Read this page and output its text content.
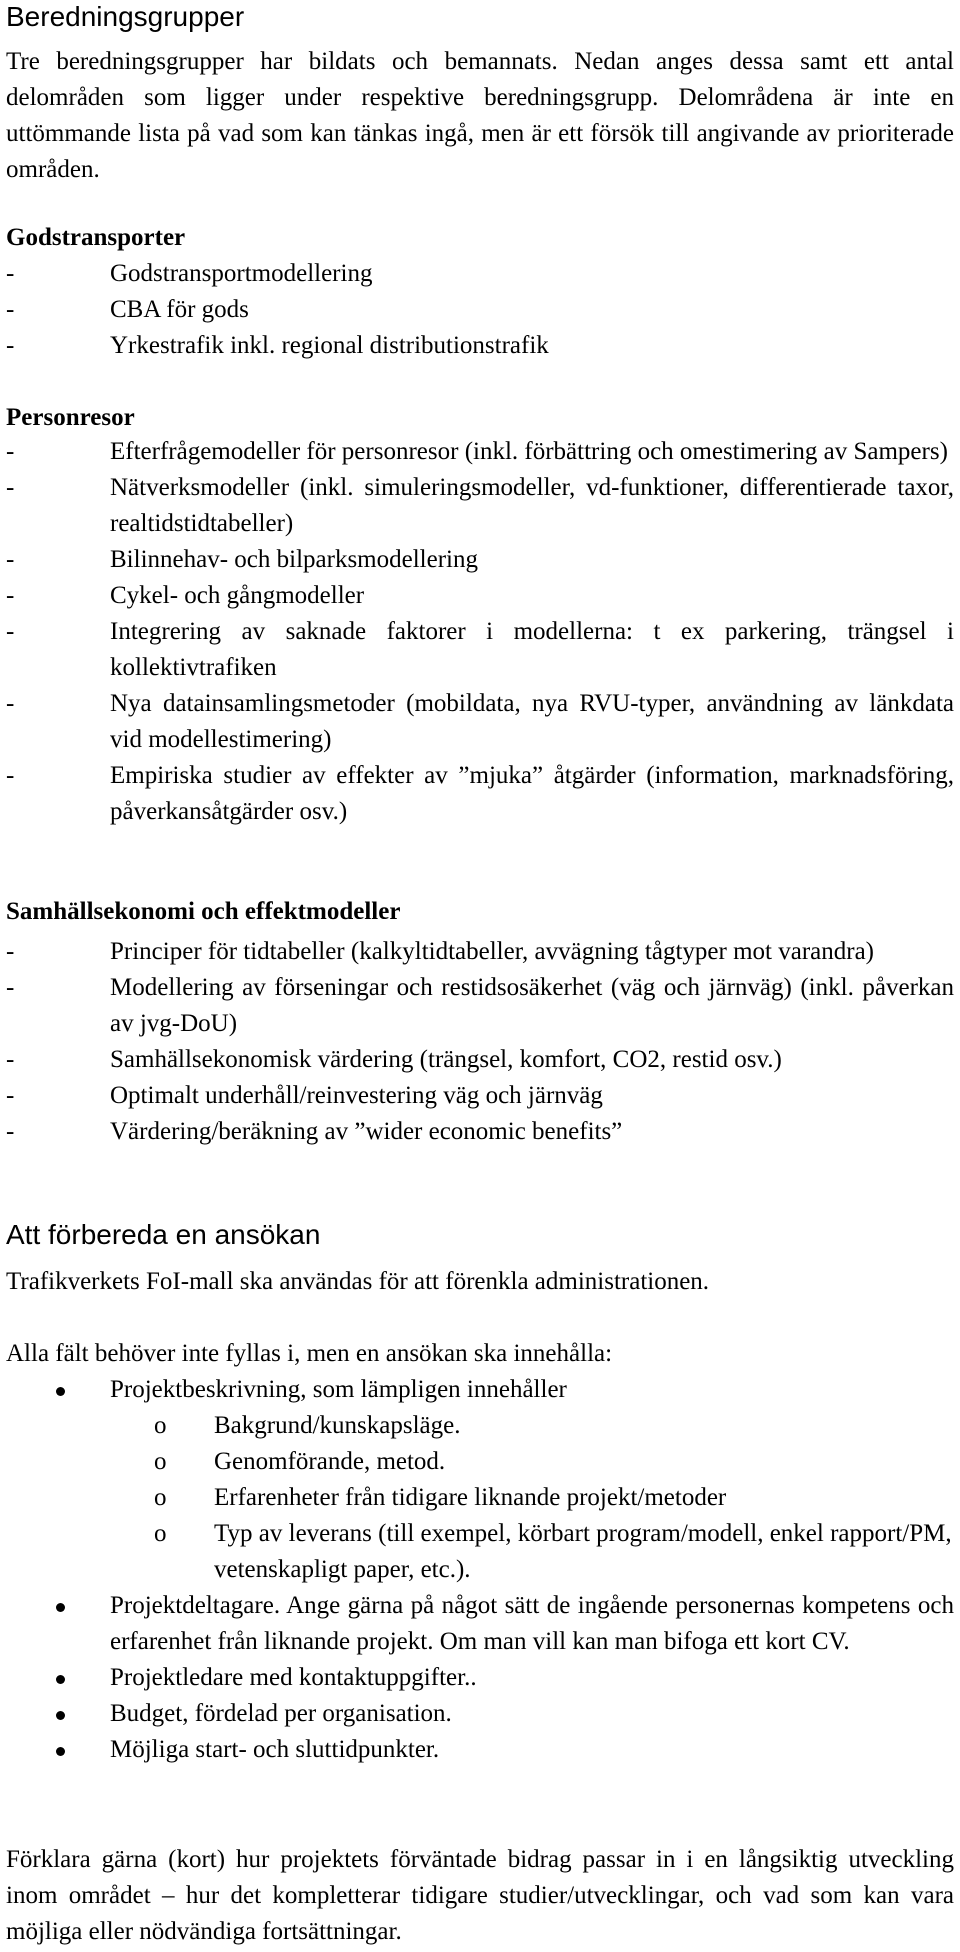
Beredningsgrupper

Tre beredningsgrupper har bildats och bemannats. Nedan anges dessa samt ett antal delområden som ligger under respektive beredningsgrupp. Delområdena är inte en uttömmande lista på vad som kan tänkas ingå, men är ett försök till angivande av prioriterade områden.

Godstransporter

-	Godstransportmodellering
-	CBA för gods
-	Yrkestrafik inkl. regional distributionstrafik

Personresor

-	Efterfrågemodeller för personresor (inkl. förbättring och omestimering av Sampers)
-	Nätverksmodeller (inkl. simuleringsmodeller, vd-funktioner, differentierade taxor, realtidstidtabeller)
-	Bilinnehav- och bilparksmodellering
-	Cykel- och gångmodeller
-	Integrering av saknade faktorer i modellerna: t ex parkering, trängsel i kollektivtrafiken
-	Nya datainsamlingsmetoder (mobildata, nya RVU-typer, användning av länkdata vid modellestimering)
-	Empiriska studier av effekter av ”mjuka” åtgärder (information, marknadsföring, påverkansåtgärder osv.)

Samhällsekonomi och effektmodeller

-	Principer för tidtabeller (kalkyltidtabeller, avvägning tågtyper mot varandra)
-	Modellering av förseningar och restidsosäkerhet (väg och järnväg) (inkl. påverkan av jvg-DoU)
-	Samhällsekonomisk värdering (trängsel, komfort, CO2, restid osv.)
-	Optimalt underhåll/reinvestering väg och järnväg
-	Värdering/beräkning av ”wider economic benefits”
Att förbereda en ansökan

Trafikverkets FoI-mall ska användas för att förenkla administrationen.

Alla fält behöver inte fyllas i, men en ansökan ska innehålla:

Projektbeskrivning, som lämpligen innehåller
o Bakgrund/kunskapsläge.
o Genomförande, metod.
o Erfarenheter från tidigare liknande projekt/metoder
o Typ av leverans (till exempel, körbart program/modell, enkel rapport/PM, vetenskapligt paper, etc.).
Projektdeltagare. Ange gärna på något sätt de ingående personernas kompetens och erfarenhet från liknande projekt. Om man vill kan man bifoga ett kort CV.
Projektledare med kontaktuppgifter..
Budget, fördelad per organisation.
Möjliga start- och sluttidpunkter.

Förklara gärna (kort) hur projektets förväntade bidrag passar in i en långsiktig utveckling inom området – hur det kompletterar tidigare studier/utvecklingar, och vad som kan vara möjliga eller nödvändiga fortsättningar.
